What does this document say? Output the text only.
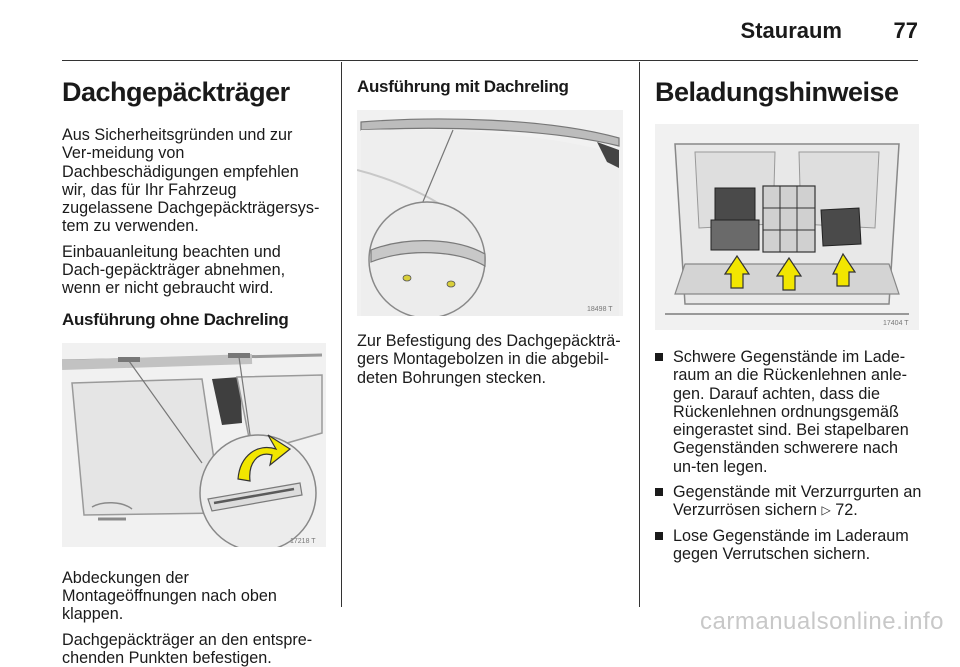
Stauraum 77
Dachgepäckträger

Aus Sicherheitsgründen und zur Ver-meidung von Dachbeschädigungen empfehlen wir, das für Ihr Fahrzeug zugelassene Dachgepäckträgersys-tem zu verwenden.

Einbauanleitung beachten und Dach-gepäckträger abnehmen, wenn er nicht gebraucht wird.

Ausführung ohne Dachreling
17218 T

Abdeckungen der Montageöffnungen nach oben klappen.

Dachgepäckträger an den entspre-chenden Punkten befestigen.

Ausführung mit Dachreling
18498 T

Zur Befestigung des Dachgepäckträ-gers Montagebolzen in die abgebil-deten Bohrungen stecken.

Beladungshinweise
17404 T
Schwere Gegenstände im Lade-raum an die Rückenlehnen anle-gen. Darauf achten, dass die Rückenlehnen ordnungsgemäß eingerastet sind. Bei stapelbaren Gegenständen schwerere nach un-ten legen.
Gegenstände mit Verzurrgurten an Verzurrösen sichern ▷ 72.
Lose Gegenstände im Laderaum gegen Verrutschen sichern.
carmanualsonline.info
